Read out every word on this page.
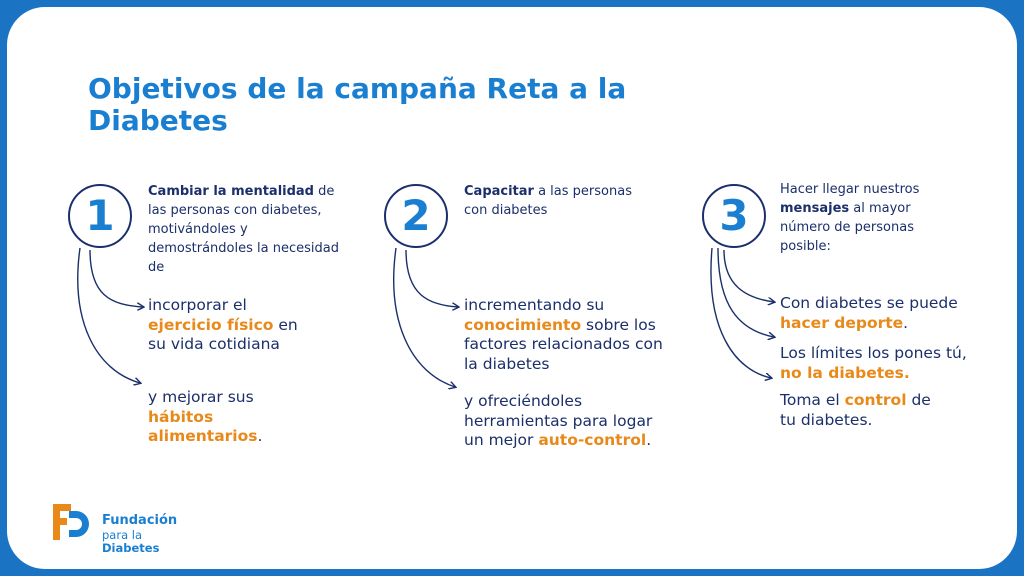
Objetivos de la campaña Reta a la Diabetes
1	Cambiar la mentalidad de las personas con diabetes, motivándoles y demostrándoles la necesidad de
incorporar el ejercicio físico en su vida cotidiana
y mejorar sus hábitos alimentarios.
2	Capacitar a las personas con diabetes
incrementando su conocimiento sobre los factores relacionados con la diabetes
y ofreciéndoles herramientas para logar un mejor auto-control.
3
Hacer llegar nuestros mensajes al mayor número de personas posible:
Con diabetes se puede hacer deporte.
Los límites los pones tú, no la diabetes.
Toma el control de tu diabetes.
Fundación
para la Diabetes
